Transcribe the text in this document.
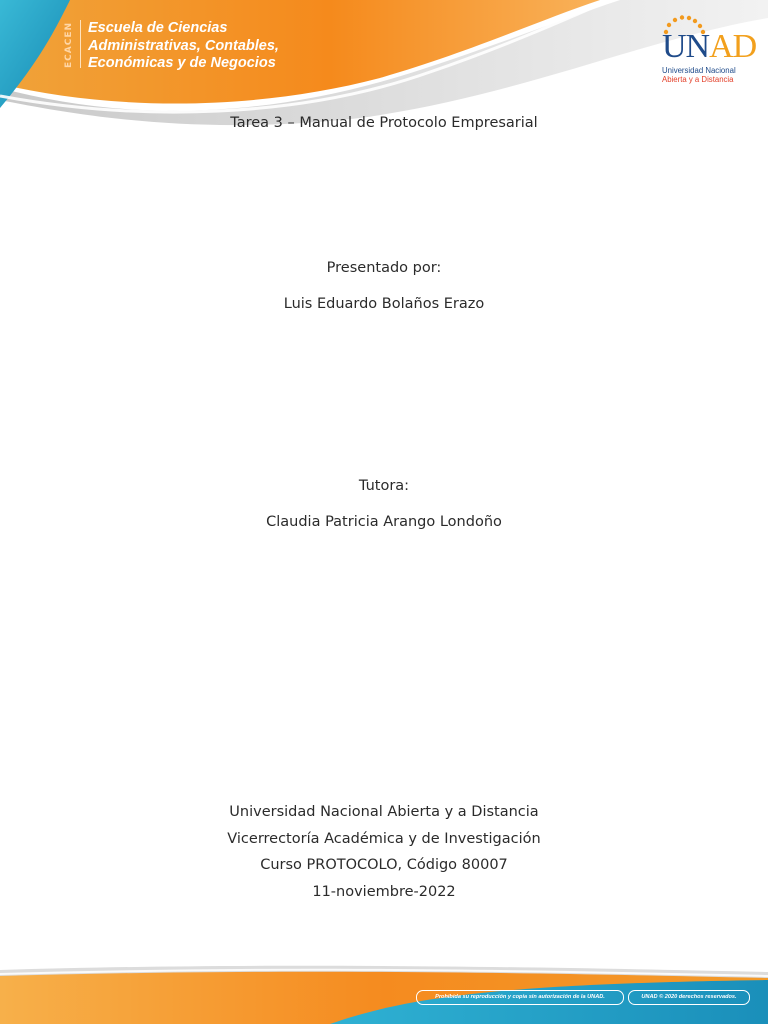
ECACEN Escuela de Ciencias
Administrativas, Contables,
Económicas y de Negocios	UNAD
Universidad Nacional
Abierta y a Distancia
Tarea 3 – Manual de Protocolo Empresarial
Presentado por:
Luis Eduardo Bolaños Erazo
Tutora:
Claudia Patricia Arango Londoño
Universidad Nacional Abierta y a Distancia
Vicerrectoría Académica y de Investigación
Curso PROTOCOLO, Código 80007
11-noviembre-2022
Prohibida su reproducción y copia sin autorización de la UNAD.	UNAD © 2020 derechos reservados.
